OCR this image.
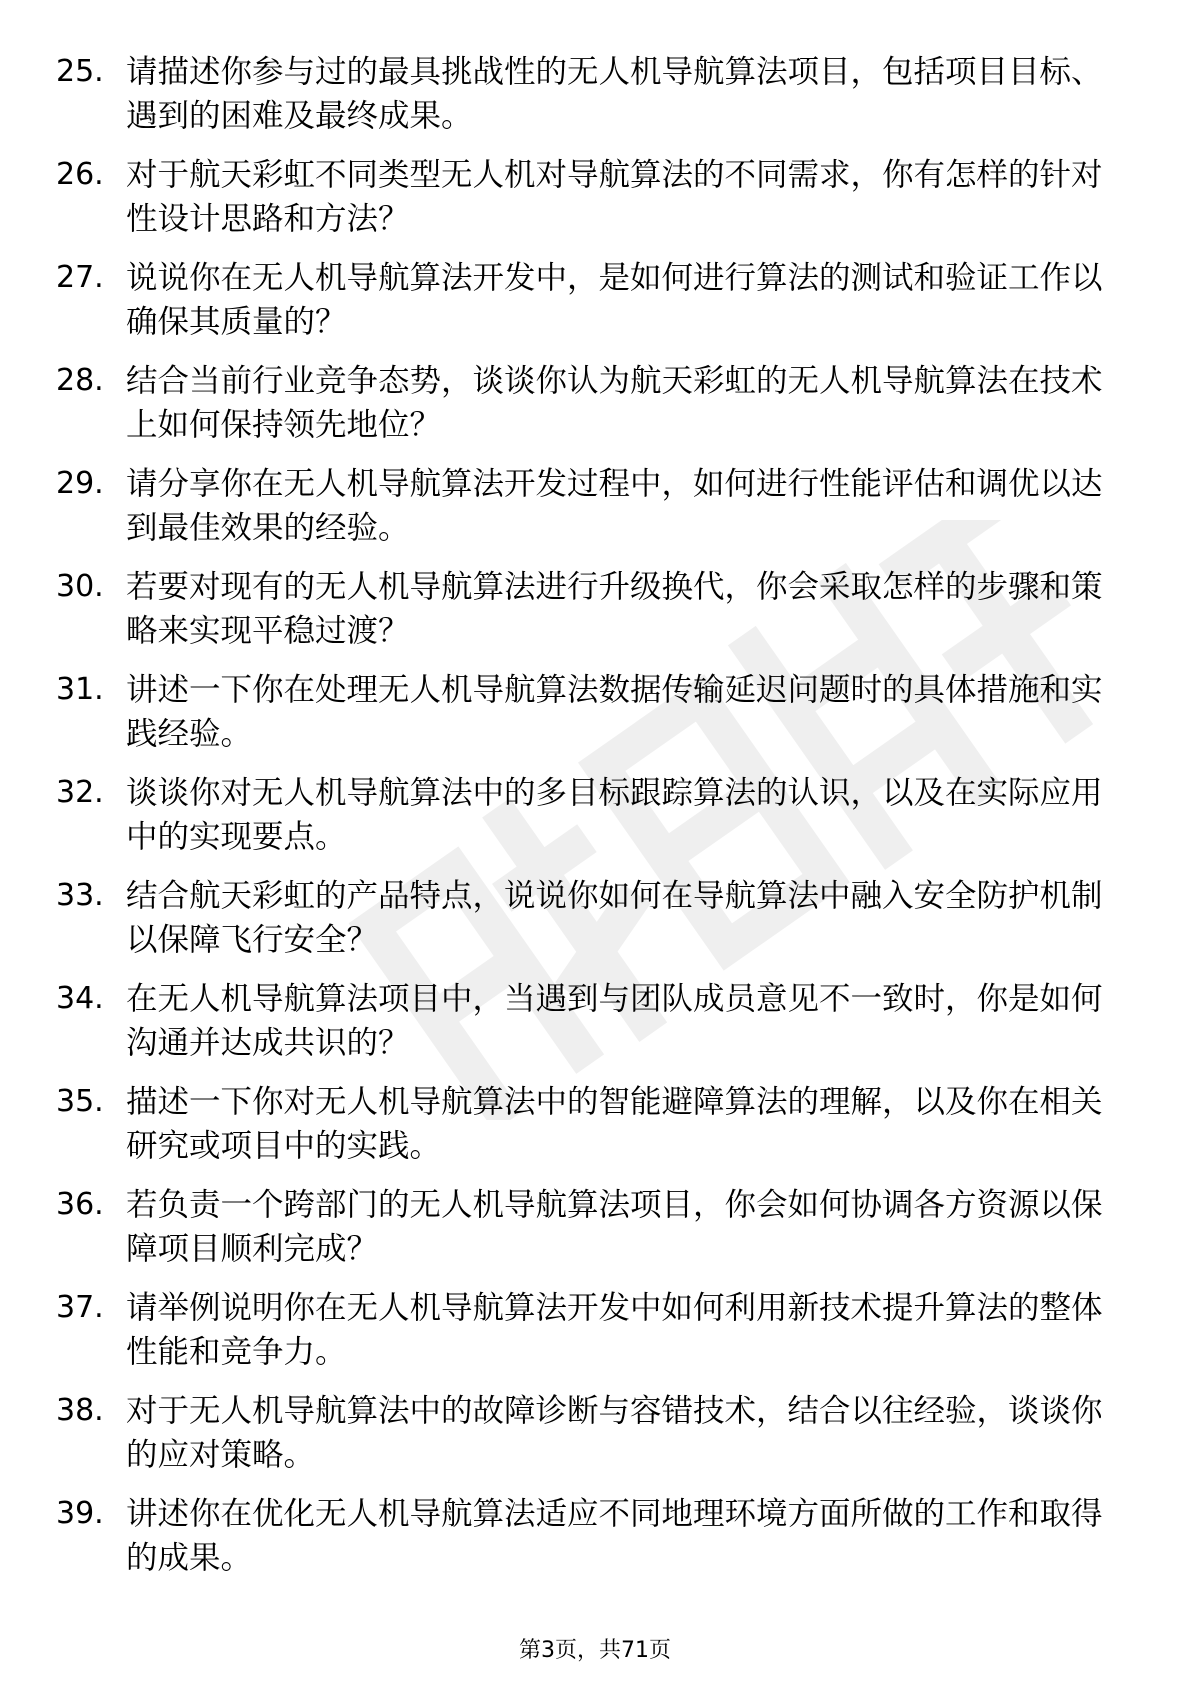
25. 请描述你参与过的最具挑战性的无人机导航算法项目，包括项目目标、遇到的困难及最终成果。
26. 对于航天彩虹不同类型无人机对导航算法的不同需求，你有怎样的针对性设计思路和方法？
27. 说说你在无人机导航算法开发中，是如何进行算法的测试和验证工作以确保其质量的？
28. 结合当前行业竞争态势，谈谈你认为航天彩虹的无人机导航算法在技术上如何保持领先地位？
29. 请分享你在无人机导航算法开发过程中，如何进行性能评估和调优以达到最佳效果的经验。
30. 若要对现有的无人机导航算法进行升级换代，你会采取怎样的步骤和策略来实现平稳过渡？
31. 讲述一下你在处理无人机导航算法数据传输延迟问题时的具体措施和实践经验。
32. 谈谈你对无人机导航算法中的多目标跟踪算法的认识，以及在实际应用中的实现要点。
33. 结合航天彩虹的产品特点，说说你如何在导航算法中融入安全防护机制以保障飞行安全？
34. 在无人机导航算法项目中，当遇到与团队成员意见不一致时，你是如何沟通并达成共识的？
35. 描述一下你对无人机导航算法中的智能避障算法的理解，以及你在相关研究或项目中的实践。
36. 若负责一个跨部门的无人机导航算法项目，你会如何协调各方资源以保障项目顺利完成？
37. 请举例说明你在无人机导航算法开发中如何利用新技术提升算法的整体性能和竞争力。
38. 对于无人机导航算法中的故障诊断与容错技术，结合以往经验，谈谈你的应对策略。
39. 讲述你在优化无人机导航算法适应不同地理环境方面所做的工作和取得的成果。
第3页，共71页
